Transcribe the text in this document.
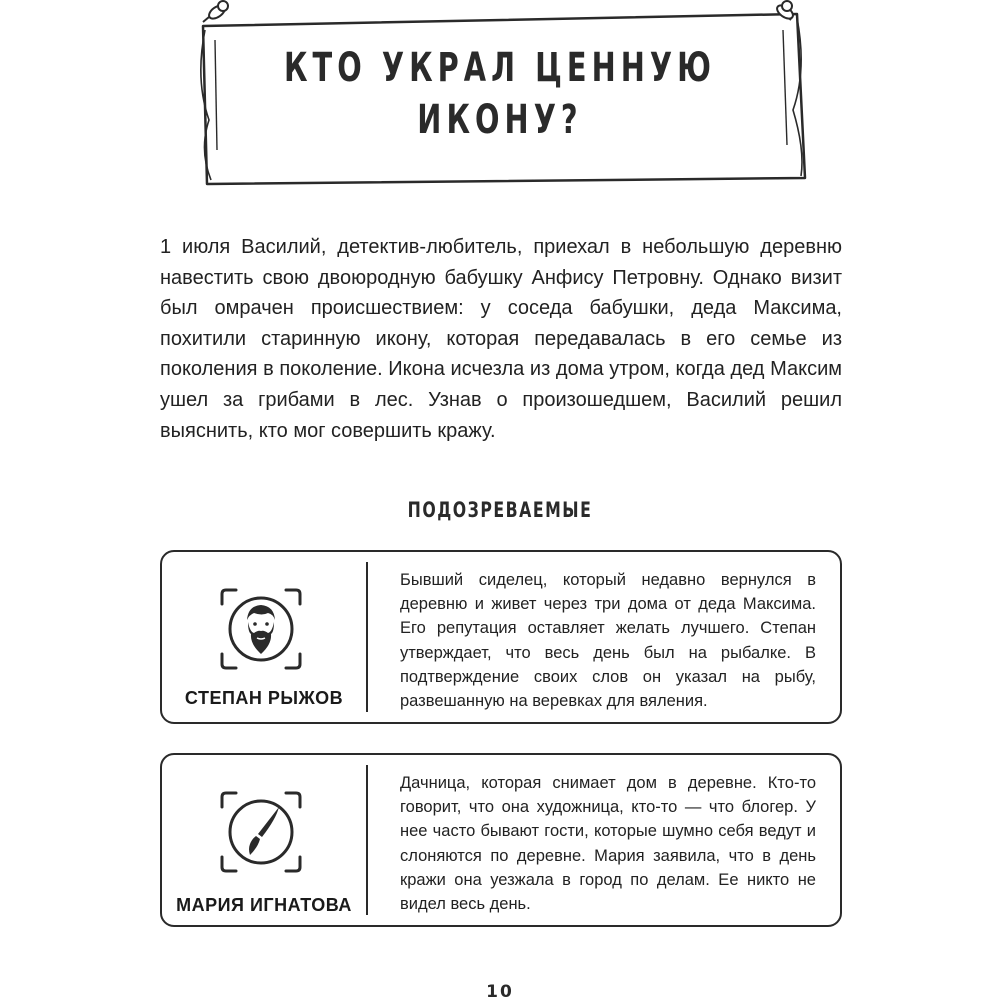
КТО УКРАЛ ЦЕННУЮ
ИКОНУ?
1 июля Василий, детектив-любитель, приехал в небольшую деревню навестить свою двоюродную бабушку Анфису Петровну. Однако визит был омрачен происшествием: у соседа бабушки, деда Максима, похитили старинную икону, которая передавалась в его семье из поколения в поколение. Икона исчезла из дома утром, когда дед Максим ушел за грибами в лес. Узнав о произошедшем, Василий решил выяснить, кто мог совершить кражу.
ПОДОЗРЕВАЕМЫЕ
СТЕПАН РЫЖОВ
Бывший сиделец, который недавно вернулся в деревню и живет через три дома от деда Максима. Его репутация оставляет желать лучшего. Степан утверждает, что весь день был на рыбалке. В подтверждение своих слов он указал на рыбу, развешанную на веревках для вяления.
МАРИЯ ИГНАТОВА
Дачница, которая снимает дом в деревне. Кто-то говорит, что она художница, кто-то — что блогер. У нее часто бывают гости, которые шумно себя ведут и слоняются по деревне. Мария заявила, что в день кражи она уезжала в город по делам. Ее никто не видел весь день.
10
